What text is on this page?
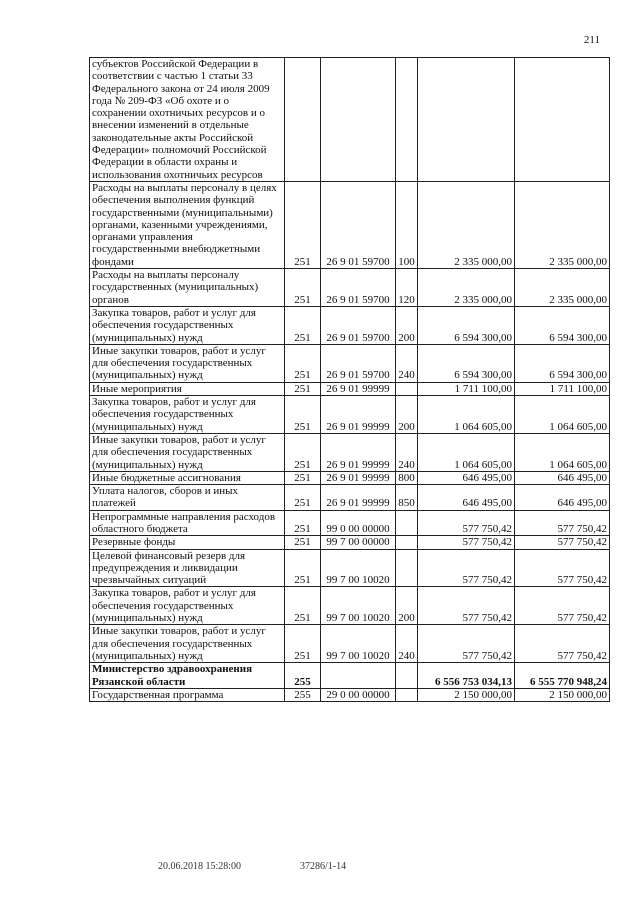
211
субъектов Российской Федерации в соответствии с частью 1 статьи 33 Федерального закона от 24 июля 2009 года № 209-ФЗ «Об охоте и о сохранении охотничьих ресурсов и о внесении изменений в отдельные законодательные акты Российской Федерации» полномочий Российской Федерации в области охраны и использования охотничьих ресурсов					
Расходы на выплаты персоналу в целях обеспечения выполнения функций государственными (муниципальными) органами, казенными учреждениями, органами управления государственными внебюджетными фондами	251	26 9 01 59700	100	2 335 000,00	2 335 000,00
Расходы на выплаты персоналу государственных (муниципальных) органов	251	26 9 01 59700	120	2 335 000,00	2 335 000,00
Закупка товаров, работ и услуг для обеспечения государственных (муниципальных) нужд	251	26 9 01 59700	200	6 594 300,00	6 594 300,00
Иные закупки товаров, работ и услуг для обеспечения государственных (муниципальных) нужд	251	26 9 01 59700	240	6 594 300,00	6 594 300,00
Иные мероприятия	251	26 9 01 99999		1 711 100,00	1 711 100,00
Закупка товаров, работ и услуг для обеспечения государственных (муниципальных) нужд	251	26 9 01 99999	200	1 064 605,00	1 064 605,00
Иные закупки товаров, работ и услуг для обеспечения государственных (муниципальных) нужд	251	26 9 01 99999	240	1 064 605,00	1 064 605,00
Иные бюджетные ассигнования	251	26 9 01 99999	800	646 495,00	646 495,00
Уплата налогов, сборов и иных платежей	251	26 9 01 99999	850	646 495,00	646 495,00
Непрограммные направления расходов областного бюджета	251	99 0 00 00000		577 750,42	577 750,42
Резервные фонды	251	99 7 00 00000		577 750,42	577 750,42
Целевой финансовый резерв для предупреждения и ликвидации чрезвычайных ситуаций	251	99 7 00 10020		577 750,42	577 750,42
Закупка товаров, работ и услуг для обеспечения государственных (муниципальных) нужд	251	99 7 00 10020	200	577 750,42	577 750,42
Иные закупки товаров, работ и услуг для обеспечения государственных (муниципальных) нужд	251	99 7 00 10020	240	577 750,42	577 750,42
Министерство здравоохранения Рязанской области	255			6 556 753 034,13	6 555 770 948,24
Государственная программа	255	29 0 00 00000		2 150 000,00	2 150 000,00
20.06.2018 15:28:00	37286/1-14
